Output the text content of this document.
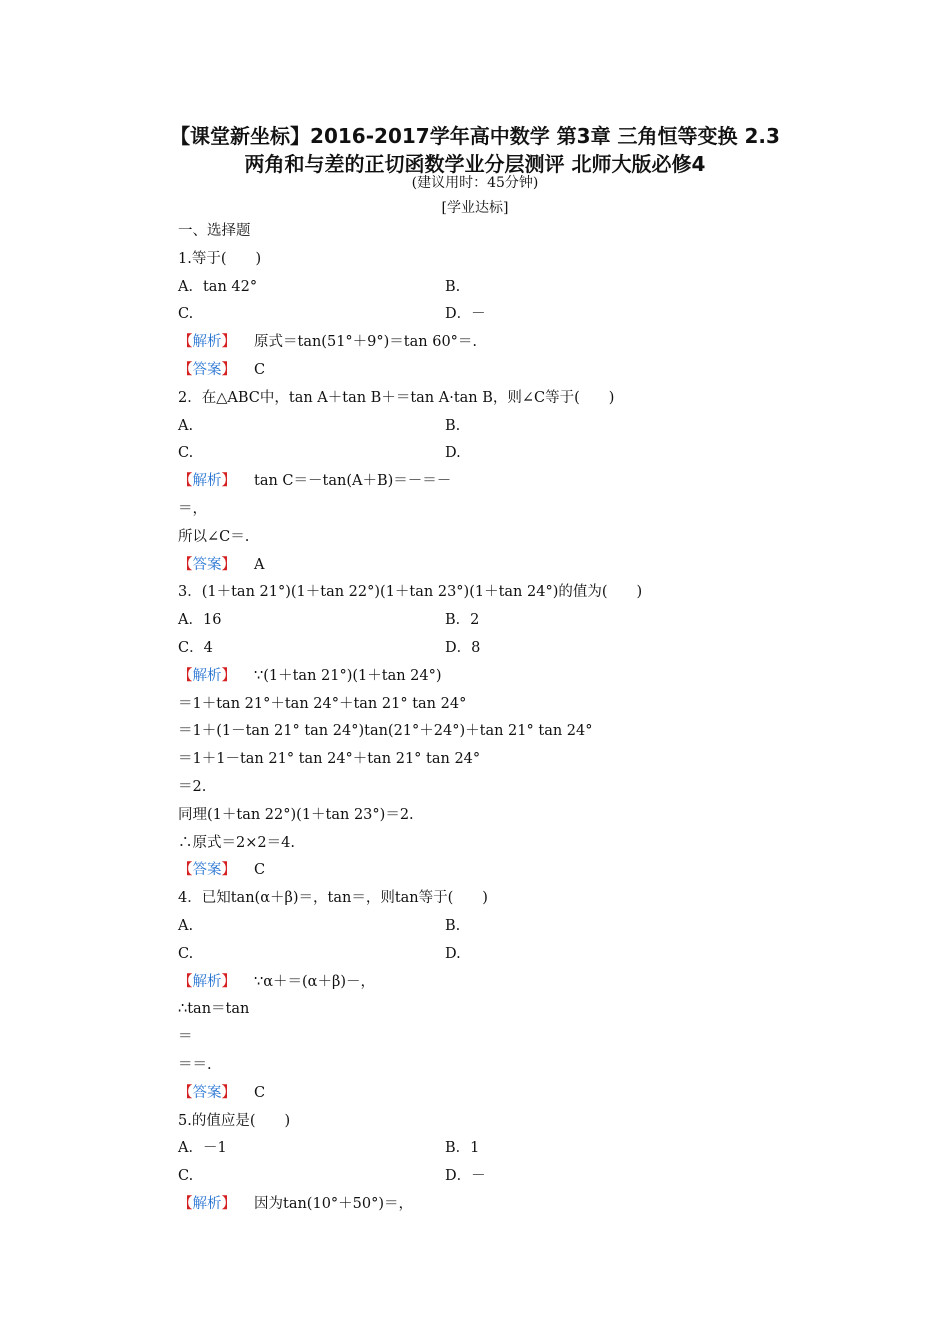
【课堂新坐标】2016-2017学年高中数学 第3章 三角恒等变换 2.3
两角和与差的正切函数学业分层测评 北师大版必修4
(建议用时：45分钟)
[学业达标]
一、选择题
1.等于(　　)
A．tan 42°	B.
C.	D．－
【解析】 原式＝tan(51°＋9°)＝tan 60°＝.
【答案】 C
2．在△ABC中，tan A＋tan B＋＝tan A·tan B，则∠C等于(　　)
A.	B.
C.	D.
【解析】 tan C＝－tan(A＋B)＝－＝－
＝，
所以∠C＝.
【答案】 A
3．(1＋tan 21°)(1＋tan 22°)(1＋tan 23°)(1＋tan 24°)的值为(　　)
A．16	B．2
C．4	D．8
【解析】 ∵(1＋tan 21°)(1＋tan 24°)
＝1＋tan 21°＋tan 24°＋tan 21° tan 24°
＝1＋(1－tan 21° tan 24°)tan(21°＋24°)＋tan 21° tan 24°
＝1＋1－tan 21° tan 24°＋tan 21° tan 24°
＝2.
同理(1＋tan 22°)(1＋tan 23°)＝2.
∴原式＝2×2＝4.
【答案】 C
4．已知tan(α＋β)＝，tan＝，则tan等于(　　)
A.	B.
C.	D.
【解析】 ∵α＋＝(α＋β)－，
∴tan＝tan
＝
＝＝.
【答案】 C
5.的值应是(　　)
A．－1	B．1
C.	D．－
【解析】 因为tan(10°＋50°)＝，
